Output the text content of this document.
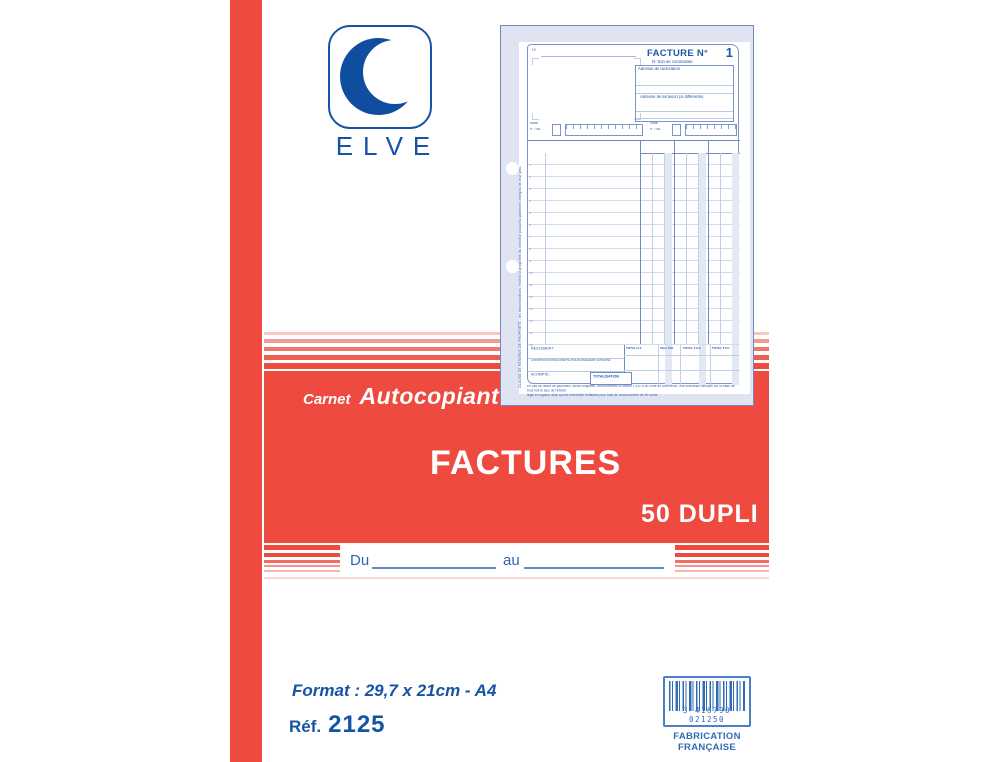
ELVE
Carnet Autocopiant
FACTURES
50 DUPLI
Du	au
Format : 29,7 x 21cm - A4
Réf. 2125
3 416790 021250
FABRICATION FRANÇAISE
CLAUSE DE RÉSERVE DE PROPRIÉTÉ : les marchandises restent la propriété du vendeur jusqu'au paiement intégral de leur prix.
Le	FACTURE N° 1
N° bon de commande
Adresse de facturation
Adresse de livraison (si différente)
Notre
n° TVA
Votre
n° TVA
1
2
3
4
5
6
7
8
9
10
11
12
13
14
15
16
RÈGLEMENT :
CONDITIONS D'ESCOMPTE POUR PAIEMENT ANTICIPÉ :
ACOMPTE :
TOTAL H.T.	Taux TVA TOTAL T.V.A. TOTAL T.T.C.
TOTALISATION
En cas de retard de paiement, seront exigibles, conformément à l'article L 441-6 du code de commerce, une indemnité calculée sur la base de trois fois le taux de l'intérêt
légal en vigueur ainsi qu'une indemnité forfaitaire pour frais de recouvrement de 40 euros.
